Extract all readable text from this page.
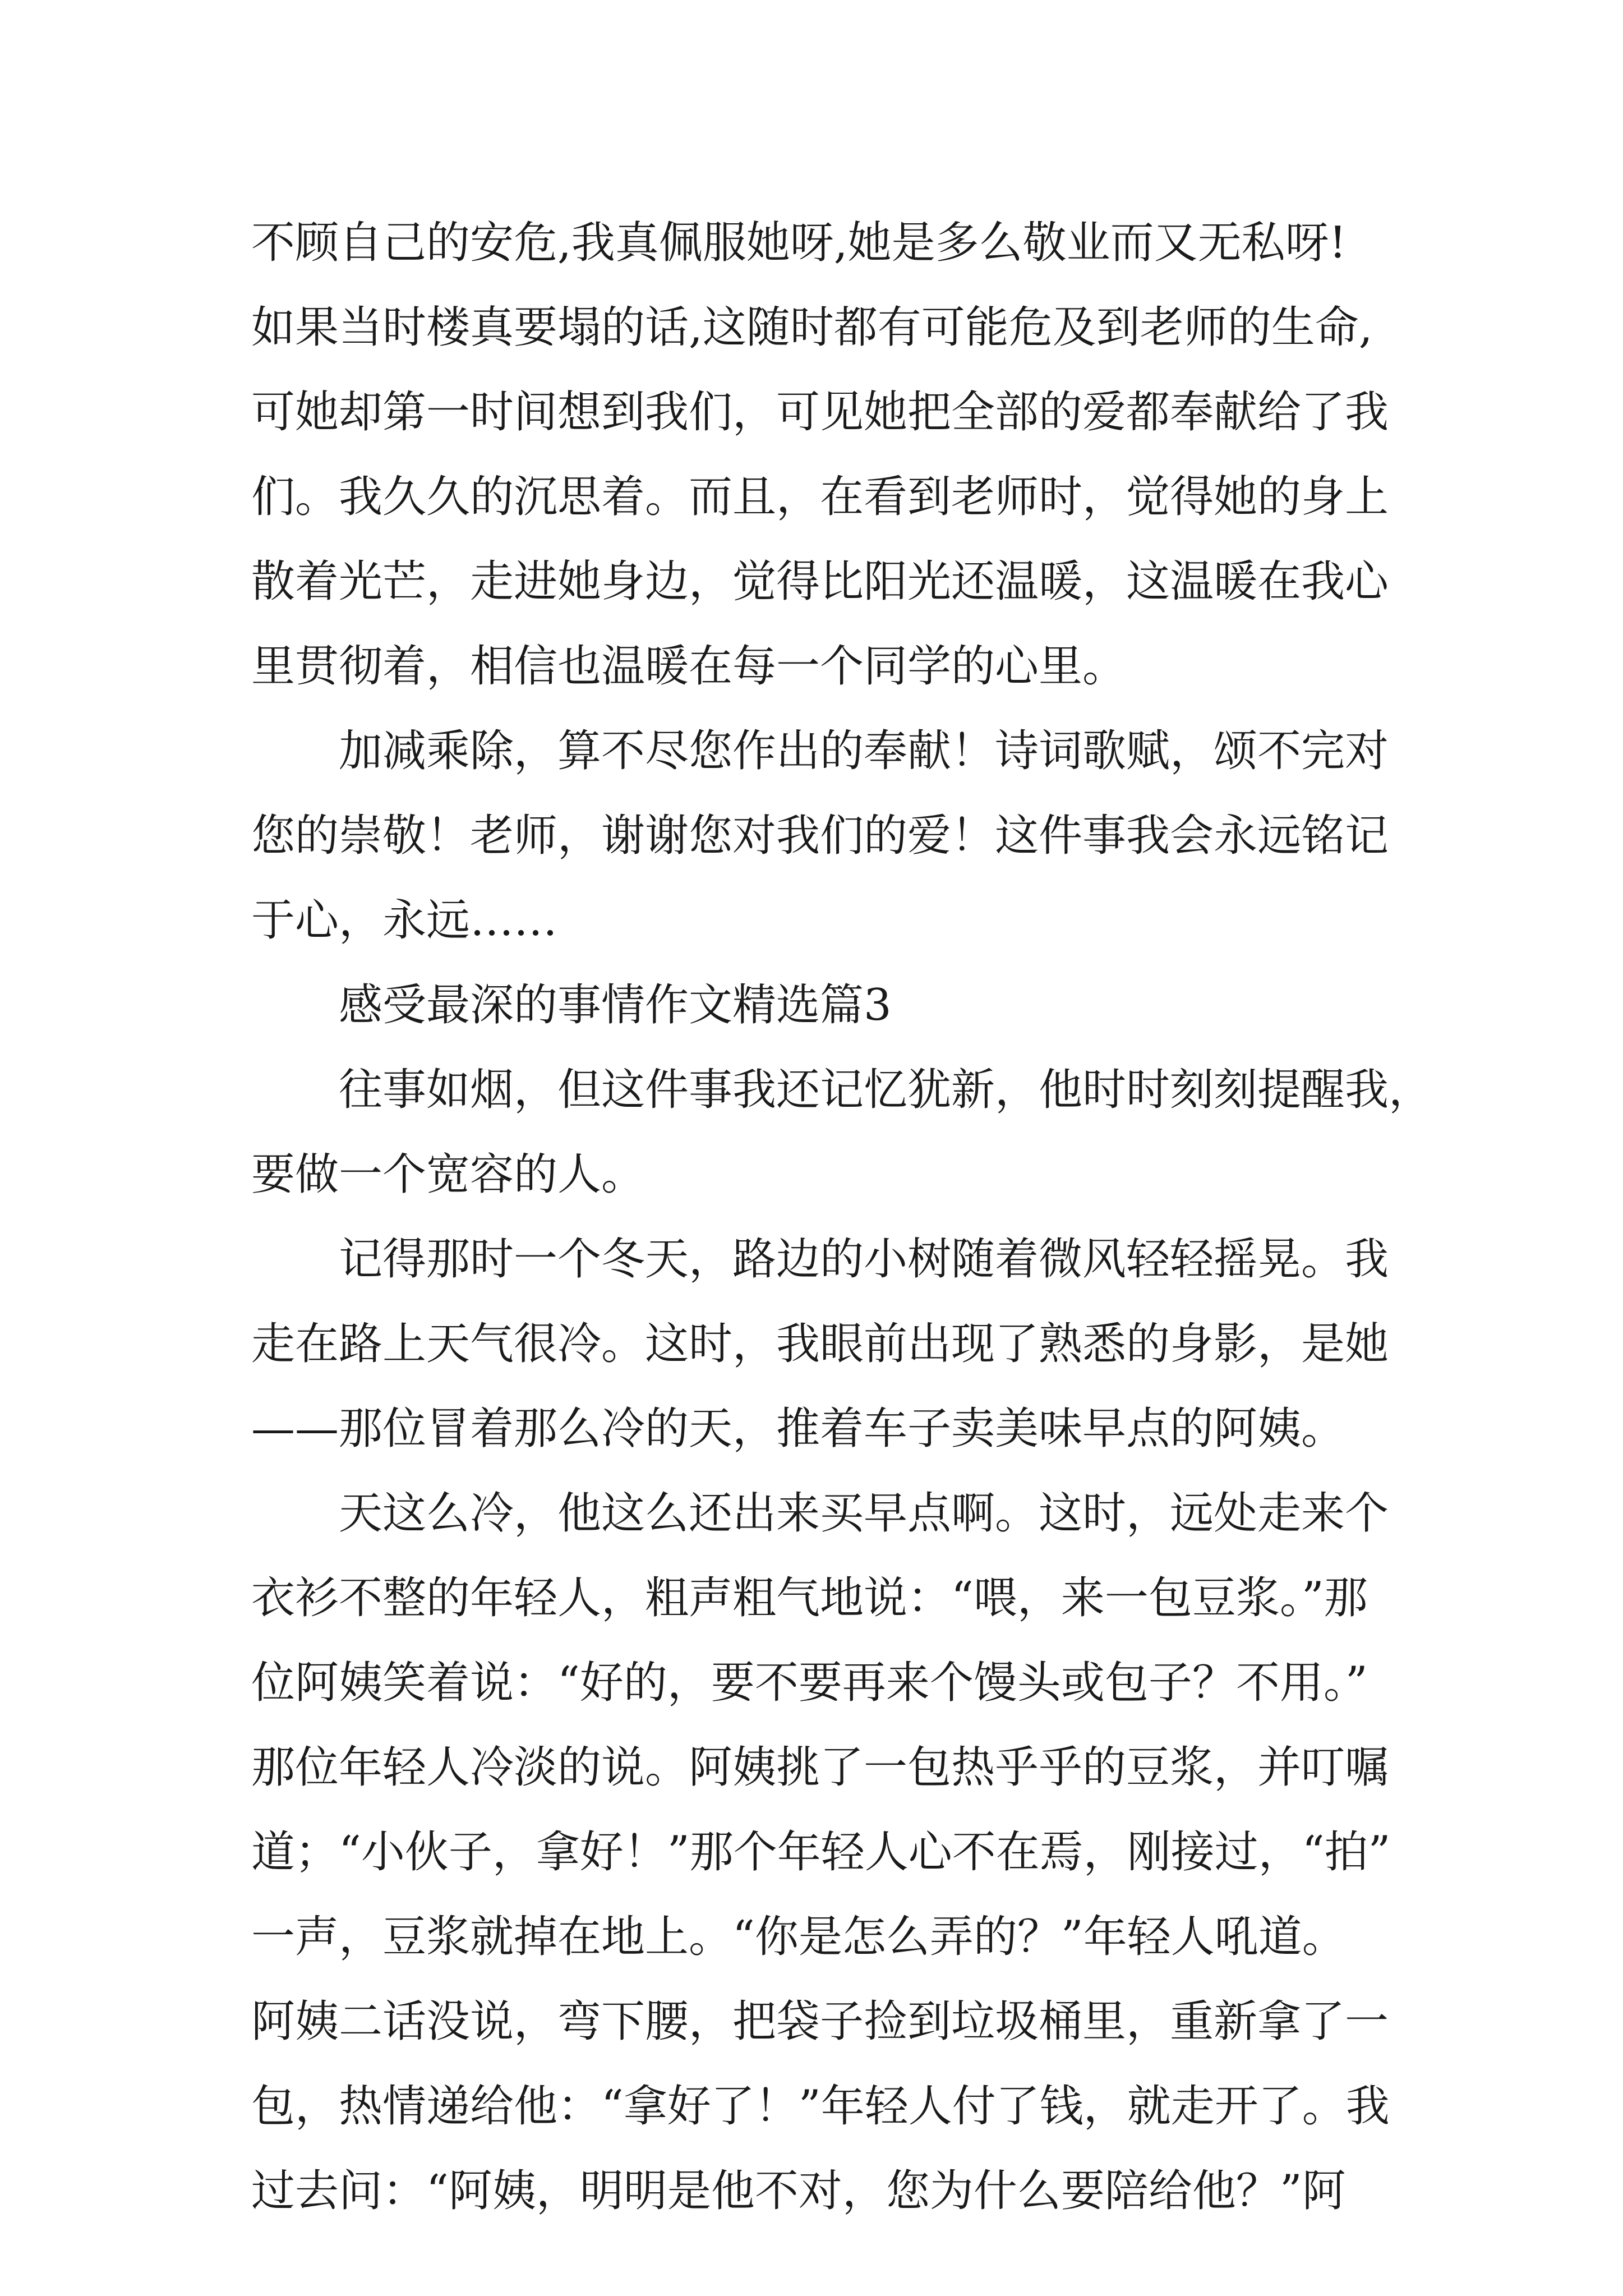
不顾自己的安危,我真佩服她呀,她是多么敬业而又无私呀!
如果当时楼真要塌的话,这随时都有可能危及到老师的生命,
可她却第一时间想到我们，可见她把全部的爱都奉献给了我
们。我久久的沉思着。而且，在看到老师时，觉得她的身上
散着光芒，走进她身边，觉得比阳光还温暖，这温暖在我心
里贯彻着，相信也温暖在每一个同学的心里。
加减乘除，算不尽您作出的奉献！诗词歌赋，颂不完对
您的崇敬！老师，谢谢您对我们的爱！这件事我会永远铭记
于心，永远……
感受最深的事情作文精选篇3
往事如烟，但这件事我还记忆犹新，他时时刻刻提醒我，
要做一个宽容的人。
记得那时一个冬天，路边的小树随着微风轻轻摇晃。我
走在路上天气很冷。这时，我眼前出现了熟悉的身影，是她
——那位冒着那么冷的天，推着车子卖美味早点的阿姨。
天这么冷，他这么还出来买早点啊。这时，远处走来个
衣衫不整的年轻人，粗声粗气地说：“喂，来一包豆浆。”那
位阿姨笑着说：“好的，要不要再来个馒头或包子？不用。”
那位年轻人冷淡的说。阿姨挑了一包热乎乎的豆浆，并叮嘱
道；“小伙子，拿好！”那个年轻人心不在焉，刚接过，“拍”
一声，豆浆就掉在地上。“你是怎么弄的？”年轻人吼道。
阿姨二话没说，弯下腰，把袋子捡到垃圾桶里，重新拿了一
包，热情递给他：“拿好了！”年轻人付了钱，就走开了。我
过去问：“阿姨，明明是他不对，您为什么要陪给他？”阿
